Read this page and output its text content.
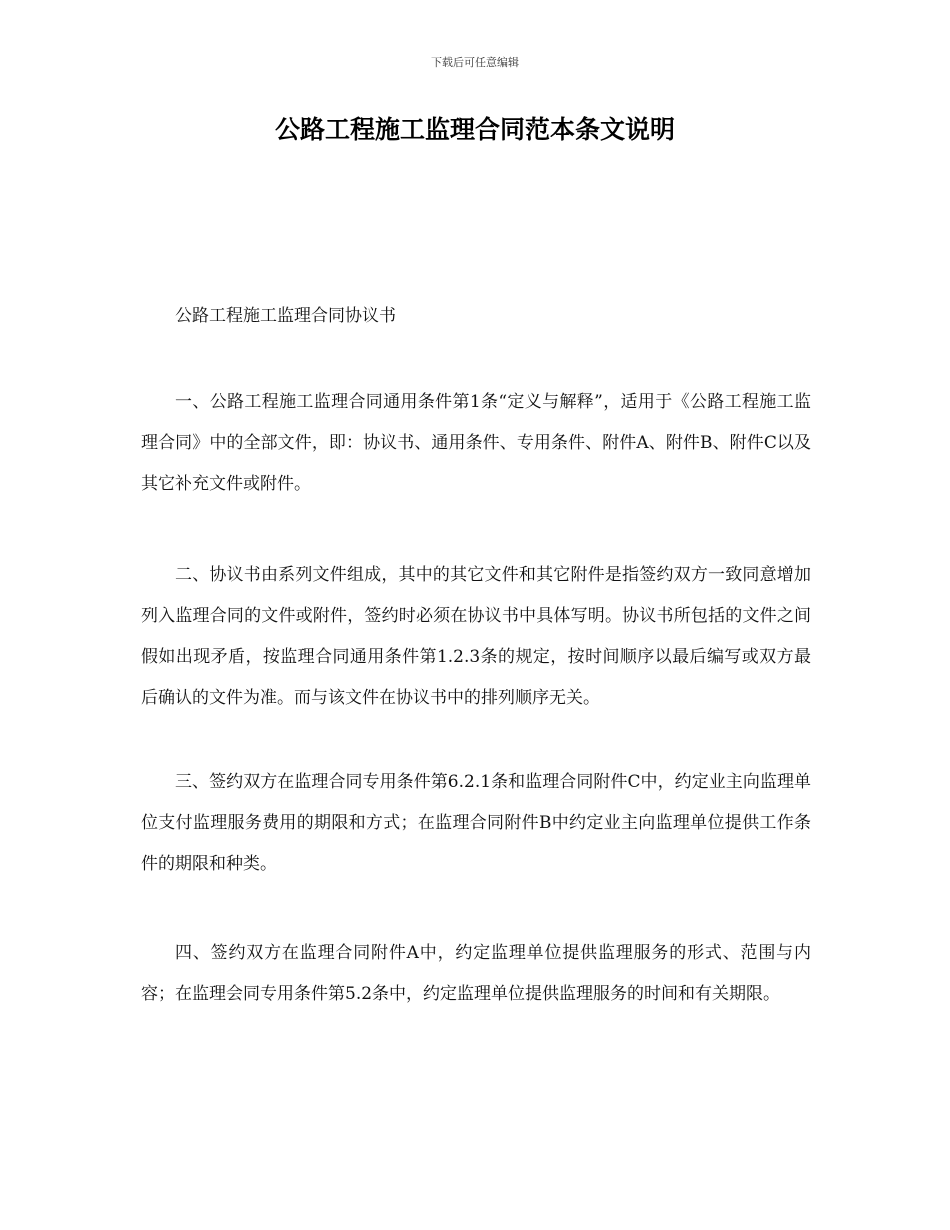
下载后可任意编辑
公路工程施工监理合同范本条文说明

公路工程施工监理合同协议书

一、公路工程施工监理合同通用条件第1条“定义与解释”，适用于《公路工程施工监理合同》中的全部文件，即：协议书、通用条件、专用条件、附件A、附件B、附件C以及其它补充文件或附件。

二、协议书由系列文件组成，其中的其它文件和其它附件是指签约双方一致同意增加列入监理合同的文件或附件，签约时必须在协议书中具体写明。协议书所包括的文件之间假如出现矛盾，按监理合同通用条件第1.2.3条的规定，按时间顺序以最后编写或双方最后确认的文件为准。而与该文件在协议书中的排列顺序无关。

三、签约双方在监理合同专用条件第6.2.1条和监理合同附件C中，约定业主向监理单位支付监理服务费用的期限和方式；在监理合同附件B中约定业主向监理单位提供工作条件的期限和种类。

四、签约双方在监理合同附件A中，约定监理单位提供监理服务的形式、范围与内容；在监理会同专用条件第5.2条中，约定监理单位提供监理服务的时间和有关期限。
